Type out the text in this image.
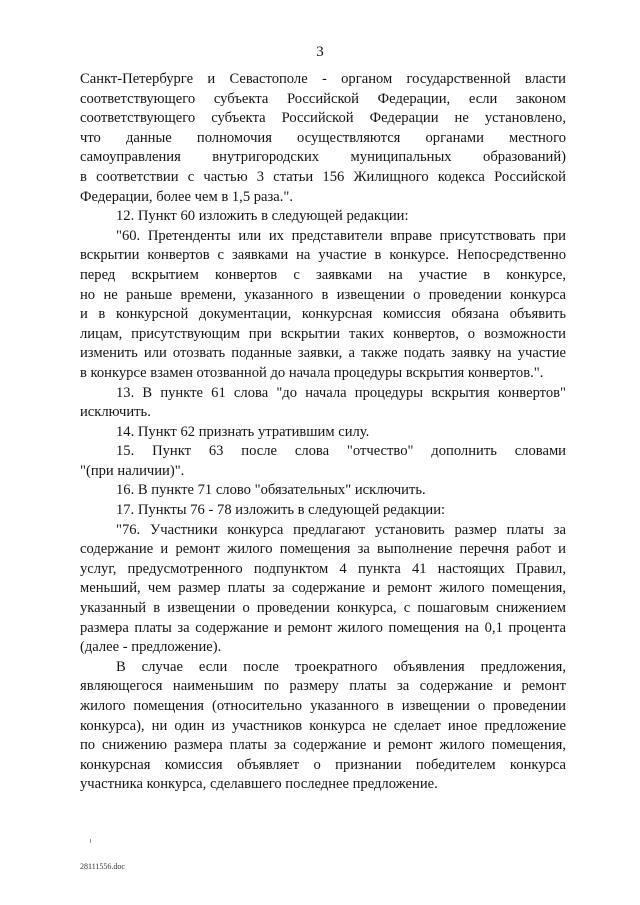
3
Санкт-Петербурге и Севастополе - органом государственной власти
соответствующего субъекта Российской Федерации, если законом
соответствующего субъекта Российской Федерации не установлено,
что данные полномочия осуществляются органами местного
самоуправления внутригородских муниципальных образований)
в соответствии с частью 3 статьи 156 Жилищного кодекса Российской
Федерации, более чем в 1,5 раза.".
12. Пункт 60 изложить в следующей редакции:
"60. Претенденты или их представители вправе присутствовать при
вскрытии конвертов с заявками на участие в конкурсе. Непосредственно
перед вскрытием конвертов с заявками на участие в конкурсе,
но не раньше времени, указанного в извещении о проведении конкурса
и в конкурсной документации, конкурсная комиссия обязана объявить
лицам, присутствующим при вскрытии таких конвертов, о возможности
изменить или отозвать поданные заявки, а также подать заявку на участие
в конкурсе взамен отозванной до начала процедуры вскрытия конвертов.".
13. В пункте 61 слова "до начала процедуры вскрытия конвертов"
исключить.
14. Пункт 62 признать утратившим силу.
15. Пункт 63 после слова "отчество" дополнить словами
"(при наличии)".
16. В пункте 71 слово "обязательных" исключить.
17. Пункты 76 - 78 изложить в следующей редакции:
"76. Участники конкурса предлагают установить размер платы за
содержание и ремонт жилого помещения за выполнение перечня работ и
услуг, предусмотренного подпунктом 4 пункта 41 настоящих Правил,
меньший, чем размер платы за содержание и ремонт жилого помещения,
указанный в извещении о проведении конкурса, с пошаговым снижением
размера платы за содержание и ремонт жилого помещения на 0,1 процента
(далее - предложение).
В случае если после троекратного объявления предложения,
являющегося наименьшим по размеру платы за содержание и ремонт
жилого помещения (относительно указанного в извещении о проведении
конкурса), ни один из участников конкурса не сделает иное предложение
по снижению размера платы за содержание и ремонт жилого помещения,
конкурсная комиссия объявляет о признании победителем конкурса
участника конкурса, сделавшего последнее предложение.
28111556.doc
